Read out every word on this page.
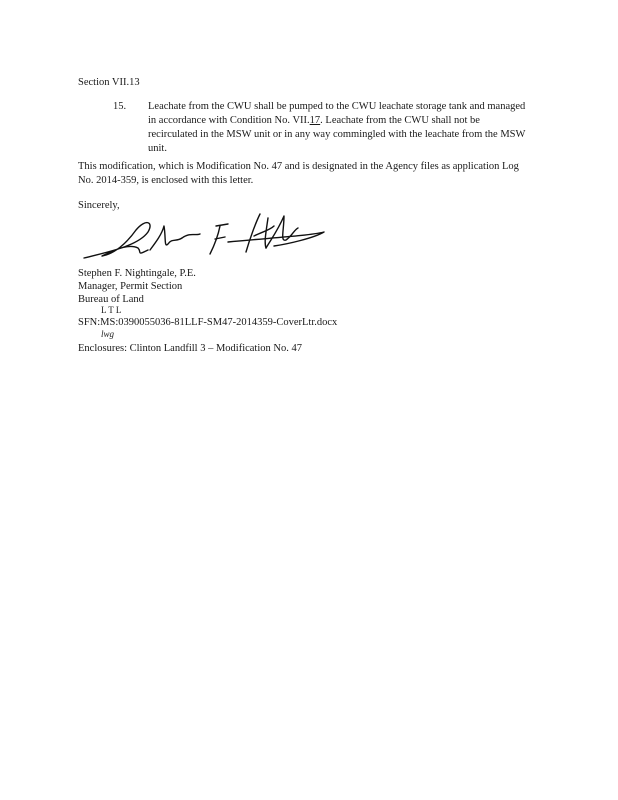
Section VII.13
15. Leachate from the CWU shall be pumped to the CWU leachate storage tank and managed
in accordance with Condition No. VII.17. Leachate from the CWU shall not be
recirculated in the MSW unit or in any way commingled with the leachate from the MSW
unit.
This modification, which is Modification No. 47 and is designated in the Agency files as application Log
No. 2014-359, is enclosed with this letter.
Sincerely,
Stephen F. Nightingale, P.E.
Manager, Permit Section
Bureau of Land
L T L
SFN:MS:0390055036-81LLF-SM47-2014359-CoverLtr.docx
lwg
Enclosures: Clinton Landfill 3 – Modification No. 47
